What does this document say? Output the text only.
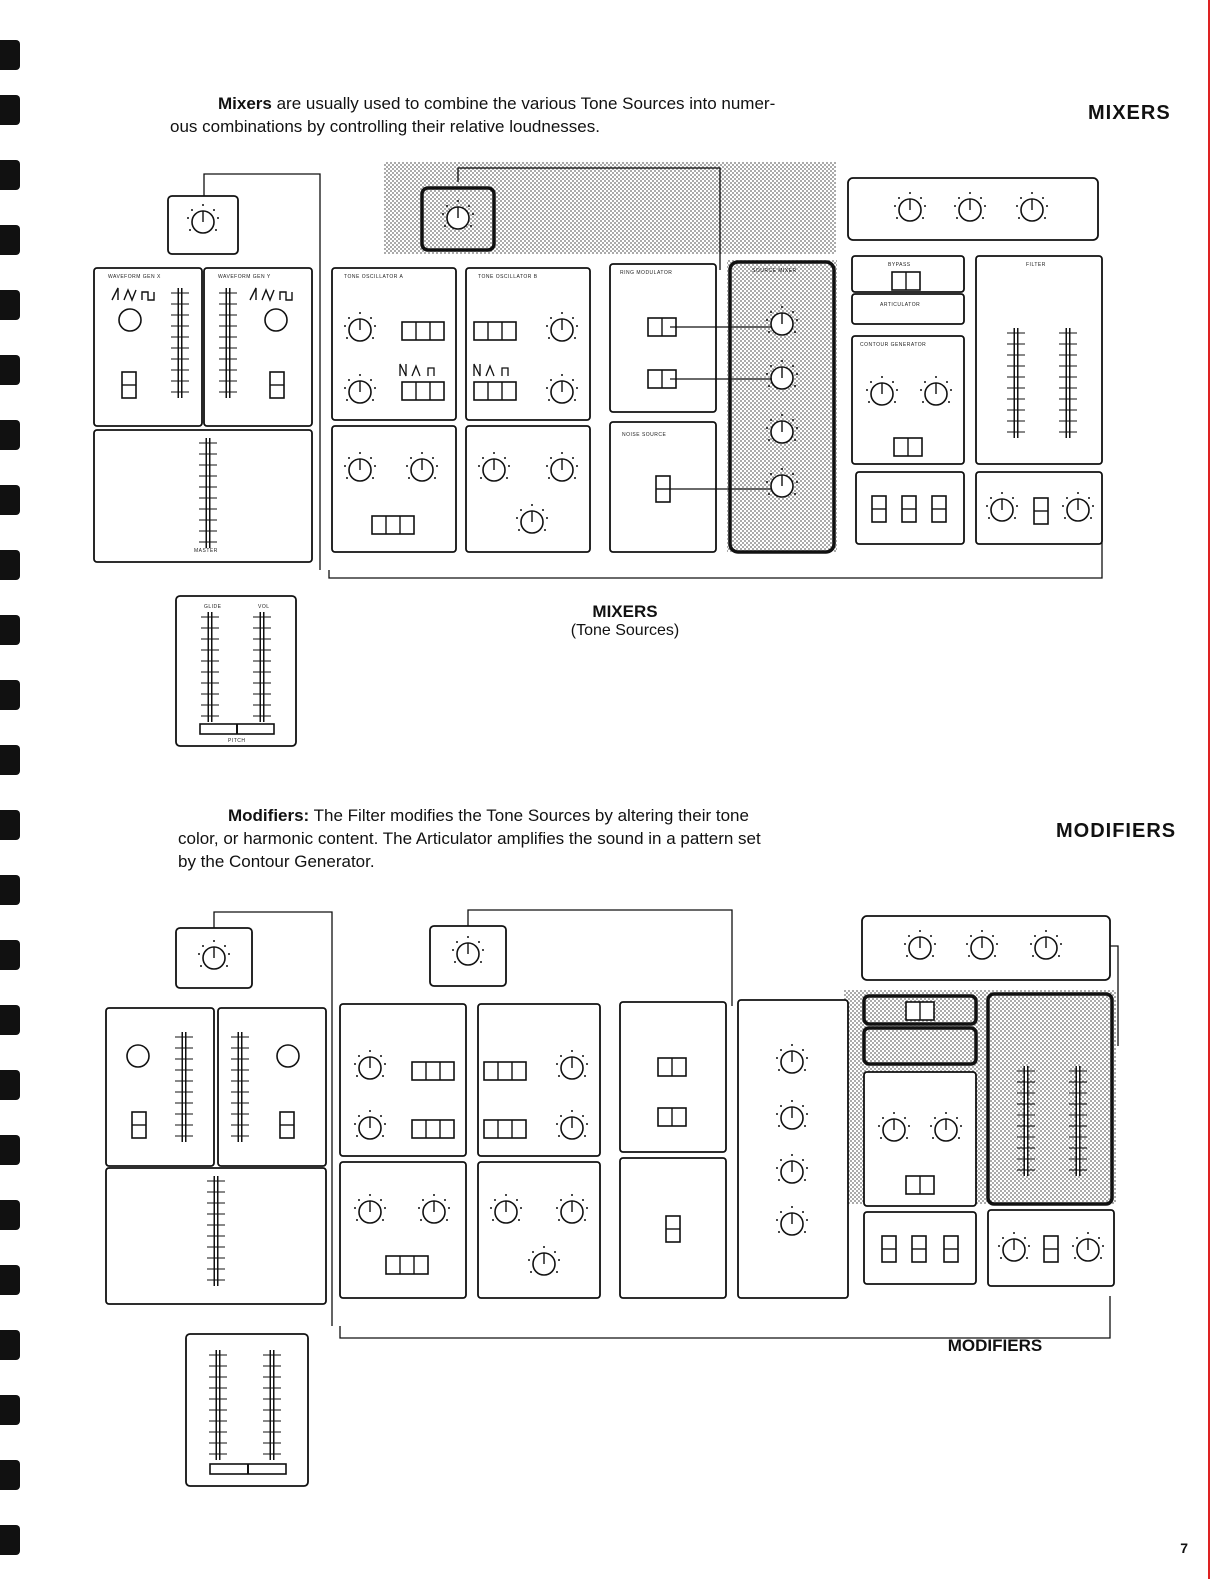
Mixers are usually used to combine the various Tone Sources into numer-
ous combinations by controlling their relative loudnesses.
MIXERS
WAVEFORM GEN X	WAVEFORM GEN Y
MASTER
TONE OSCILLATOR A	TONE OSCILLATOR B
RING MODULATOR
NOISE SOURCE
SOURCE MIXER
BYPASS
ARTICULATOR
CONTOUR GENERATOR
FILTER
GLIDE	VOL
PITCH
MIXERS
(Tone Sources)
Modifiers: The Filter modifies the Tone Sources by altering their tone
color, or harmonic content. The Articulator amplifies the sound in a pattern set
by the Contour Generator.
MODIFIERS
MODIFIERS
7
